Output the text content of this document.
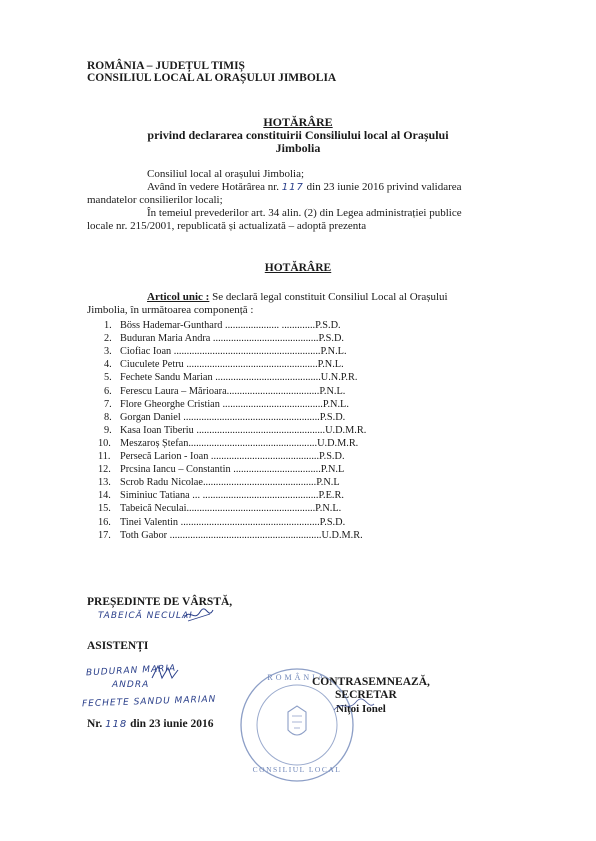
ROMÂNIA – JUDEȚUL TIMIȘ
CONSILIUL LOCAL AL ORAȘULUI JIMBOLIA
HOTĂRÂRE
privind declararea constituirii Consiliului local al Orașului
Jimbolia
Consiliul local al orașului Jimbolia;
Având în vedere Hotărârea nr. 117 din 23 iunie 2016 privind validarea
mandatelor consilierilor locali;
În temeiul prevederilor art. 34 alin. (2) din Legea administrației publice
locale nr. 215/2001, republicată și actualizată – adoptă prezenta
HOTĂRÂRE
Articol unic : Se declară legal constituit Consiliul Local al Orașului
Jimbolia, în următoarea componență :
1. Böss Hademar-Gunthard ..................... .............P.S.D.
2. Buduran Maria Andra .........................................P.S.D.
3. Ciofiac Ioan .........................................................P.N.L.
4. Ciuculete Petru ...................................................P.N.L.
5. Fechete Sandu Marian .........................................U.N.P.R.
6. Ferescu Laura – Mărioara....................................P.N.L.
7. Flore Gheorghe Cristian .......................................P.N.L.
8. Gorgan Daniel .....................................................P.S.D.
9. Kasa Ioan Tiberiu ..................................................U.D.M.R.
10. Meszaroș Ștefan..................................................U.D.M.R.
11. Persecă Larion - Ioan ..........................................P.S.D.
12. Prcsina Iancu – Constantin ..................................P.N.L
13. Scrob Radu Nicolae............................................P.N.L
14. Siminiuc Tatiana ... .............................................P.E.R.
15. Tabeică Neculai..................................................P.N.L.
16. Tinei Valentin ......................................................P.S.D.
17. Toth Gabor ...........................................................U.D.M.R.
PREȘEDINTE DE VÂRSTĂ,
TABEICĂ NECULAI
ASISTENȚI
BUDURAN MARIA
ANDRA
FECHETE SANDU MARIAN
Nr. 118 din 23 iunie 2016
ROMÂNIA
CONSILIUL LOCAL
CONTRASEMNEAZĂ,
SECRETAR
Nițoi Ionel
